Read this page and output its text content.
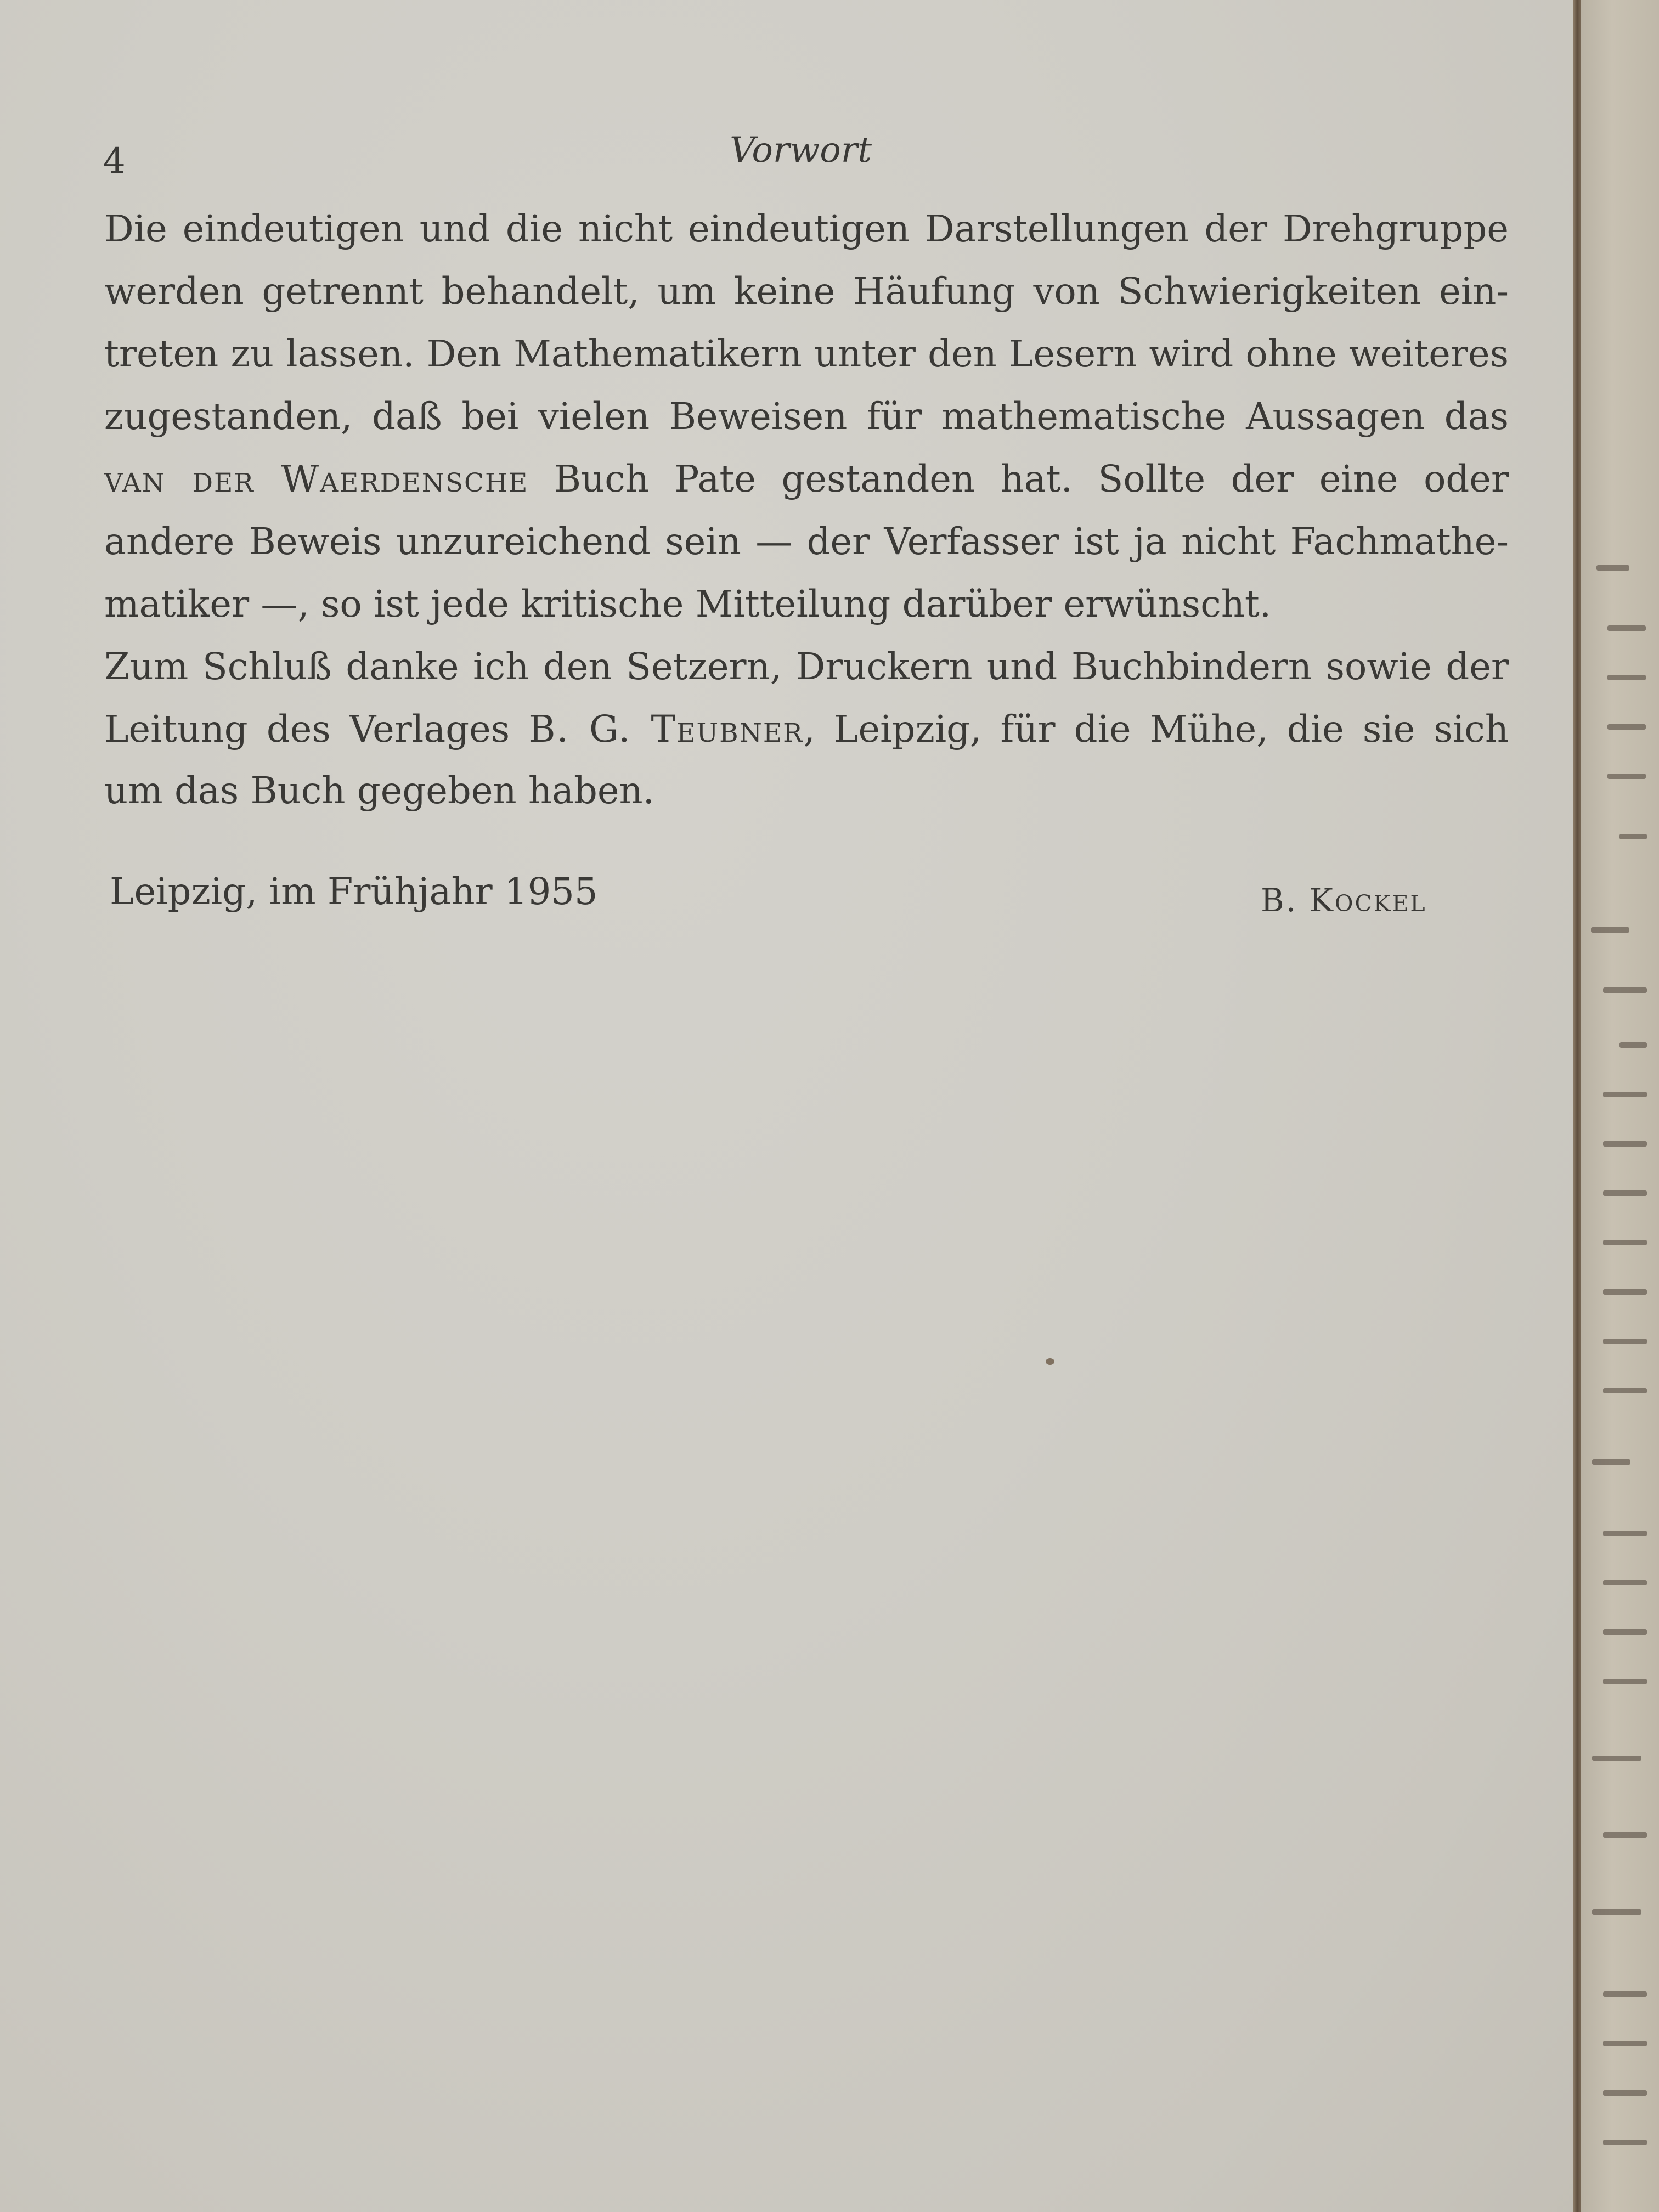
4	Vorwort
Die eindeutigen und die nicht eindeutigen Darstellungen der Drehgruppe
werden getrennt behandelt, um keine Häufung von Schwierigkeiten ein-
treten zu lassen. Den Mathematikern unter den Lesern wird ohne weiteres
zugestanden, daß bei vielen Beweisen für mathematische Aussagen das
van der Waerdensche Buch Pate gestanden hat. Sollte der eine oder
andere Beweis unzureichend sein — der Verfasser ist ja nicht Fachmathe-
matiker —, so ist jede kritische Mitteilung darüber erwünscht.
Zum Schluß danke ich den Setzern, Druckern und Buchbindern sowie der
Leitung des Verlages B. G. Teubner, Leipzig, für die Mühe, die sie sich
um das Buch gegeben haben.
Leipzig, im Frühjahr 1955	B. Kockel
